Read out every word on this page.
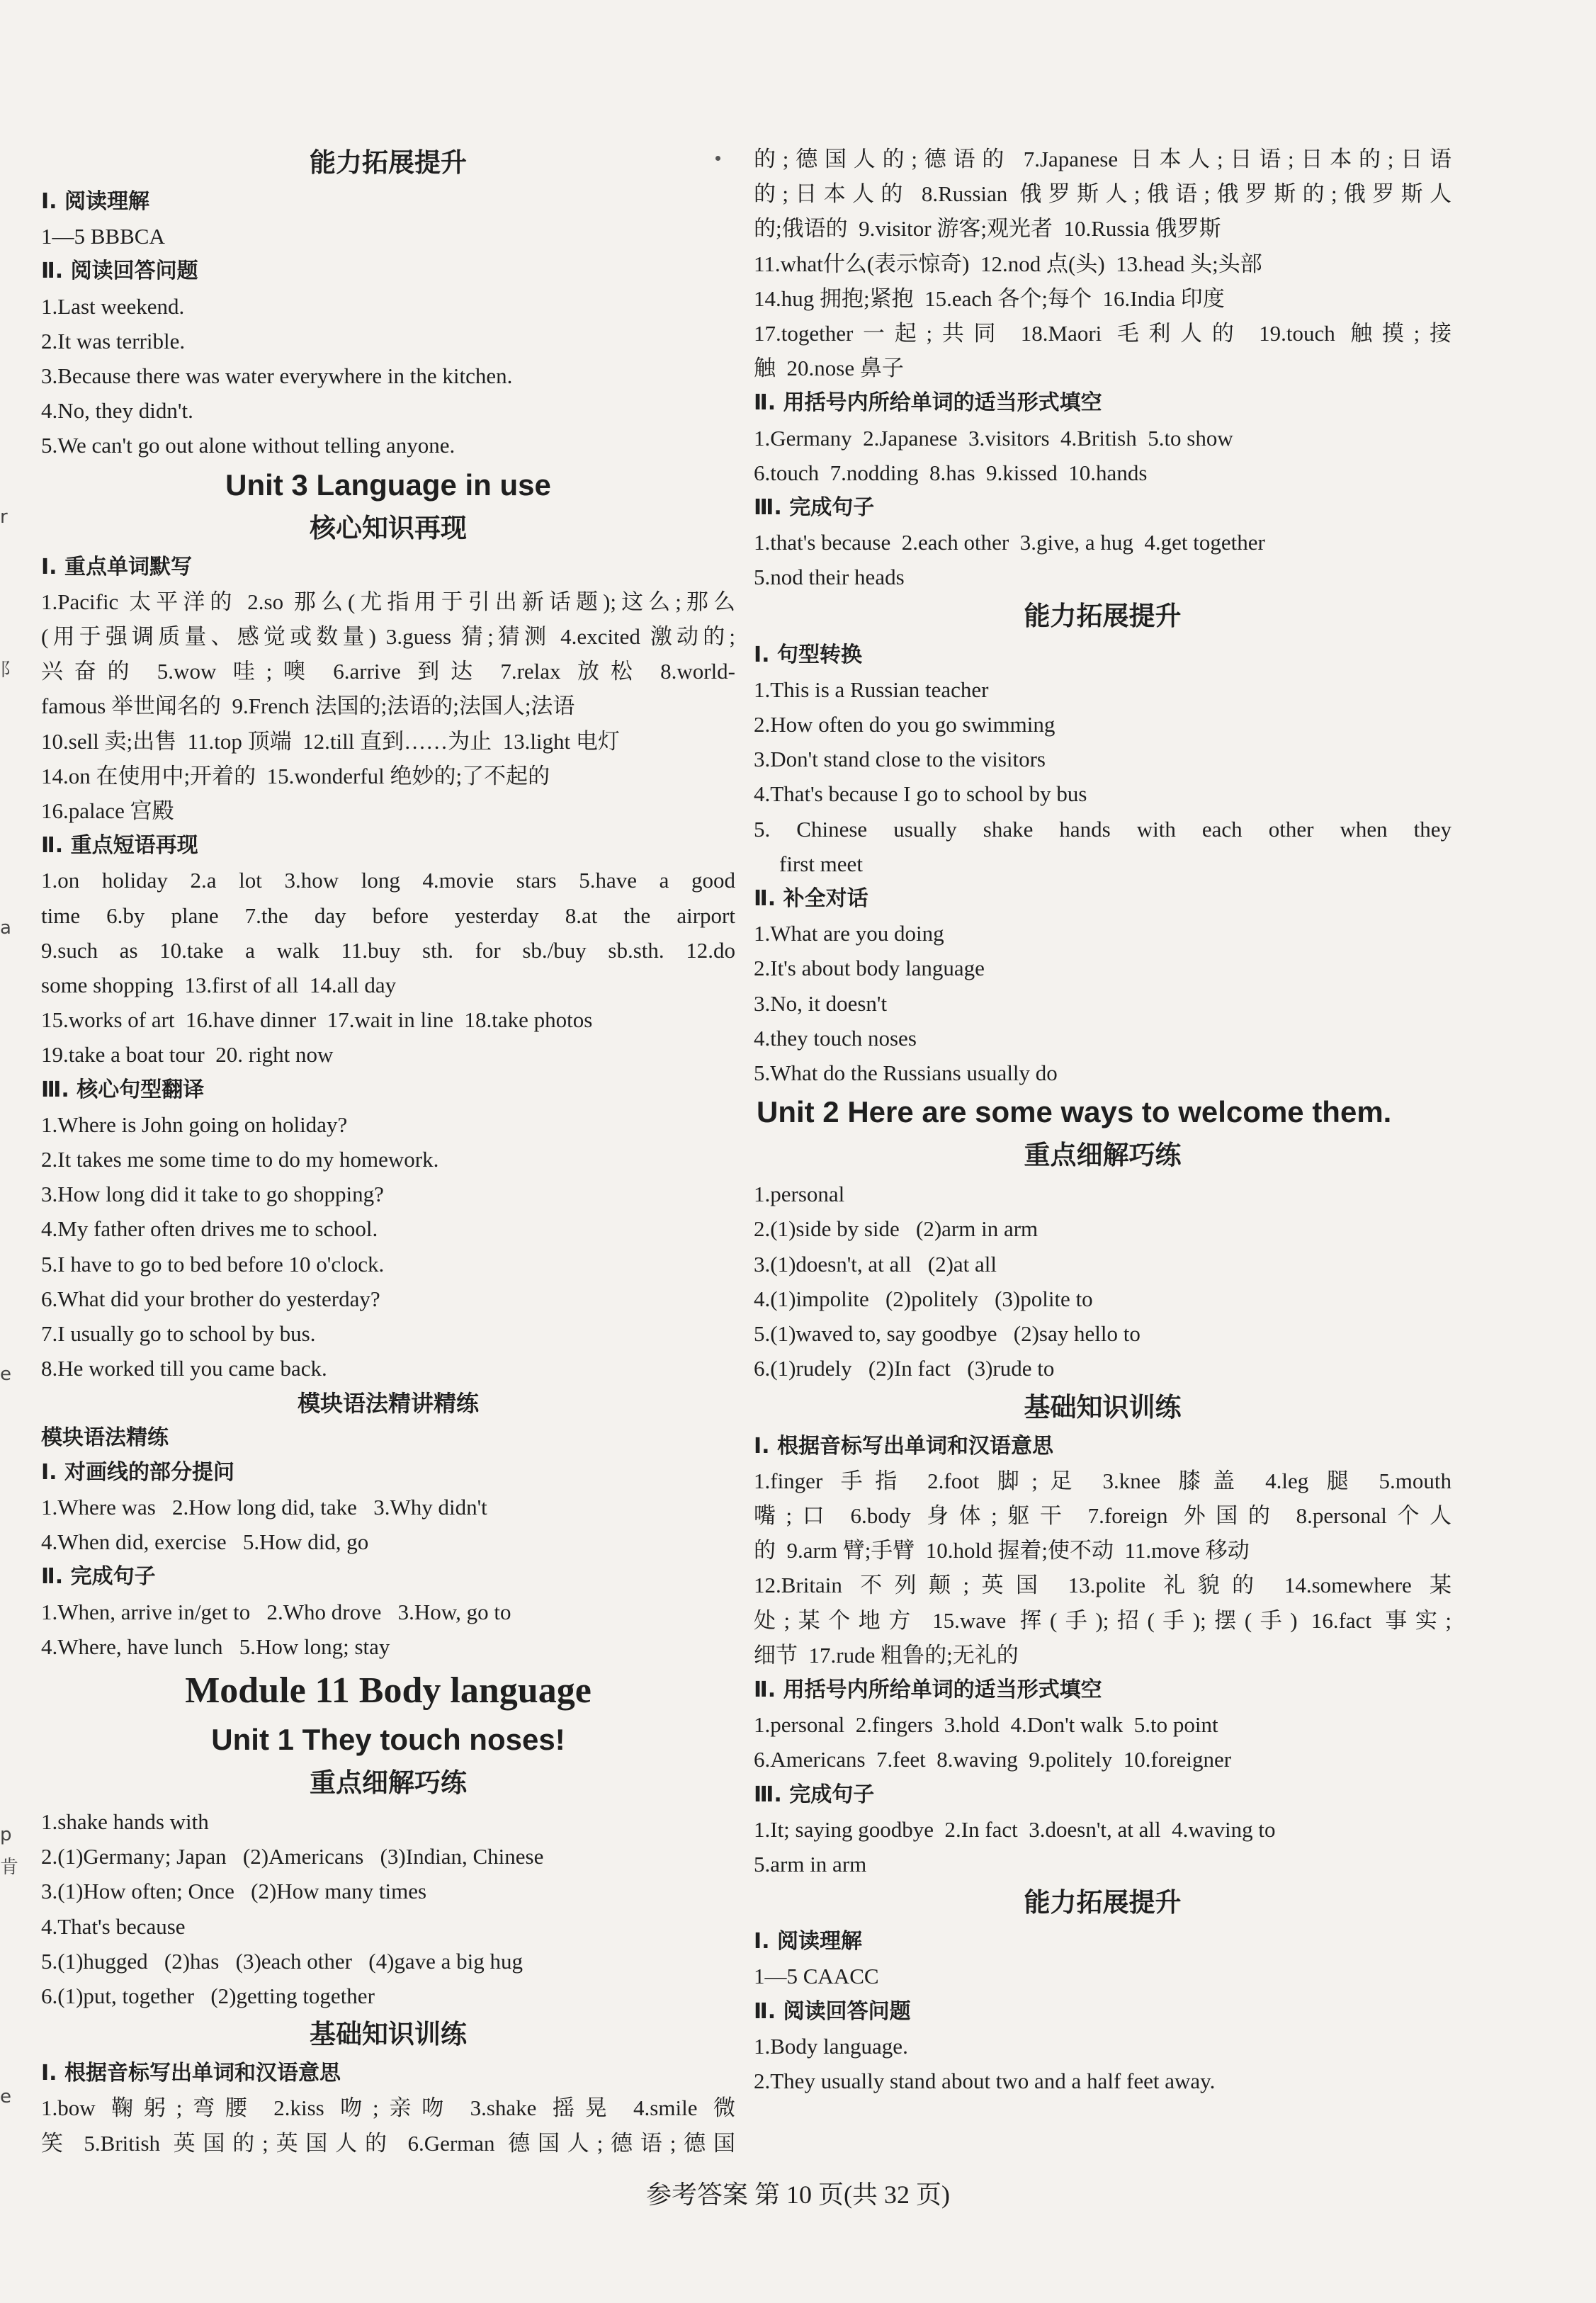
能力拓展提升
Ⅰ. 阅读理解
1—5 BBBCA
Ⅱ. 阅读回答问题
1.Last weekend.
2.It was terrible.
3.Because there was water everywhere in the kitchen.
4.No, they didn't.
5.We can't go out alone without telling anyone.
Unit 3 Language in use
核心知识再现
Ⅰ. 重点单词默写
1.Pacific 太平洋的 2.so 那么(尤指用于引出新话题);这么;那么
(用于强调质量、感觉或数量) 3.guess 猜;猜测 4.excited 激动的;
兴奋的 5.wow 哇;噢 6.arrive 到达 7.relax 放松 8.world-
famous 举世闻名的  9.French 法国的;法语的;法国人;法语
10.sell 卖;出售  11.top 顶端  12.till 直到……为止  13.light 电灯
14.on 在使用中;开着的  15.wonderful 绝妙的;了不起的
16.palace 宫殿
Ⅱ. 重点短语再现
1.on holiday 2.a lot 3.how long 4.movie stars 5.have a good
time 6.by plane 7.the day before yesterday 8.at the airport
9.such as 10.take a walk 11.buy sth. for sb./buy sb.sth. 12.do
some shopping  13.first of all  14.all day
15.works of art  16.have dinner  17.wait in line  18.take photos
19.take a boat tour  20. right now
Ⅲ. 核心句型翻译
1.Where is John going on holiday?
2.It takes me some time to do my homework.
3.How long did it take to go shopping?
4.My father often drives me to school.
5.I have to go to bed before 10 o'clock.
6.What did your brother do yesterday?
7.I usually go to school by bus.
8.He worked till you came back.
模块语法精讲精练
模块语法精练
Ⅰ. 对画线的部分提问
1.Where was   2.How long did, take   3.Why didn't
4.When did, exercise   5.How did, go
Ⅱ. 完成句子
1.When, arrive in/get to   2.Who drove   3.How, go to
4.Where, have lunch   5.How long; stay
Module 11 Body language
Unit 1 They touch noses!
重点细解巧练
1.shake hands with
2.(1)Germany; Japan   (2)Americans   (3)Indian, Chinese
3.(1)How often; Once   (2)How many times
4.That's because
5.(1)hugged   (2)has   (3)each other   (4)gave a big hug
6.(1)put, together   (2)getting together
基础知识训练
Ⅰ. 根据音标写出单词和汉语意思
1.bow 鞠躬;弯腰 2.kiss 吻;亲吻 3.shake 摇晃 4.smile 微
笑 5.British 英国的;英国人的 6.German 德国人;德语;德国
的;德国人的;德语的 7.Japanese 日本人;日语;日本的;日语
的;日本人的 8.Russian 俄罗斯人;俄语;俄罗斯的;俄罗斯人
的;俄语的  9.visitor 游客;观光者  10.Russia 俄罗斯
11.what什么(表示惊奇)  12.nod 点(头)  13.head 头;头部
14.hug 拥抱;紧抱  15.each 各个;每个  16.India 印度
17.together一起;共同 18.Maori 毛利人的 19.touch 触摸;接
触  20.nose 鼻子
Ⅱ. 用括号内所给单词的适当形式填空
1.Germany  2.Japanese  3.visitors  4.British  5.to show
6.touch  7.nodding  8.has  9.kissed  10.hands
Ⅲ. 完成句子
1.that's because  2.each other  3.give, a hug  4.get together
5.nod their heads
能力拓展提升
Ⅰ. 句型转换
1.This is a Russian teacher
2.How often do you go swimming
3.Don't stand close to the visitors
4.That's because I go to school by bus
5. Chinese usually shake hands with each other when they
first meet
Ⅱ. 补全对话
1.What are you doing
2.It's about body language
3.No, it doesn't
4.they touch noses
5.What do the Russians usually do
Unit 2 Here are some ways to welcome them.
重点细解巧练
1.personal
2.(1)side by side   (2)arm in arm
3.(1)doesn't, at all   (2)at all
4.(1)impolite   (2)politely   (3)polite to
5.(1)waved to, say goodbye   (2)say hello to
6.(1)rudely   (2)In fact   (3)rude to
基础知识训练
Ⅰ. 根据音标写出单词和汉语意思
1.finger 手指 2.foot 脚;足 3.knee 膝盖 4.leg 腿 5.mouth
嘴;口 6.body 身体;躯干 7.foreign 外国的 8.personal个人
的  9.arm 臂;手臂  10.hold 握着;使不动  11.move 移动
12.Britain 不列颠;英国 13.polite 礼貌的 14.somewhere 某
处;某个地方 15.wave 挥(手);招(手);摆(手) 16.fact 事实;
细节  17.rude 粗鲁的;无礼的
Ⅱ. 用括号内所给单词的适当形式填空
1.personal  2.fingers  3.hold  4.Don't walk  5.to point
6.Americans  7.feet  8.waving  9.politely  10.foreigner
Ⅲ. 完成句子
1.It; saying goodbye  2.In fact  3.doesn't, at all  4.waving to
5.arm in arm
能力拓展提升
Ⅰ. 阅读理解
1—5 CAACC
Ⅱ. 阅读回答问题
1.Body language.
2.They usually stand about two and a half feet away.
r
阝
a
e
p
肯
e
参考答案 第 10 页(共 32 页)
